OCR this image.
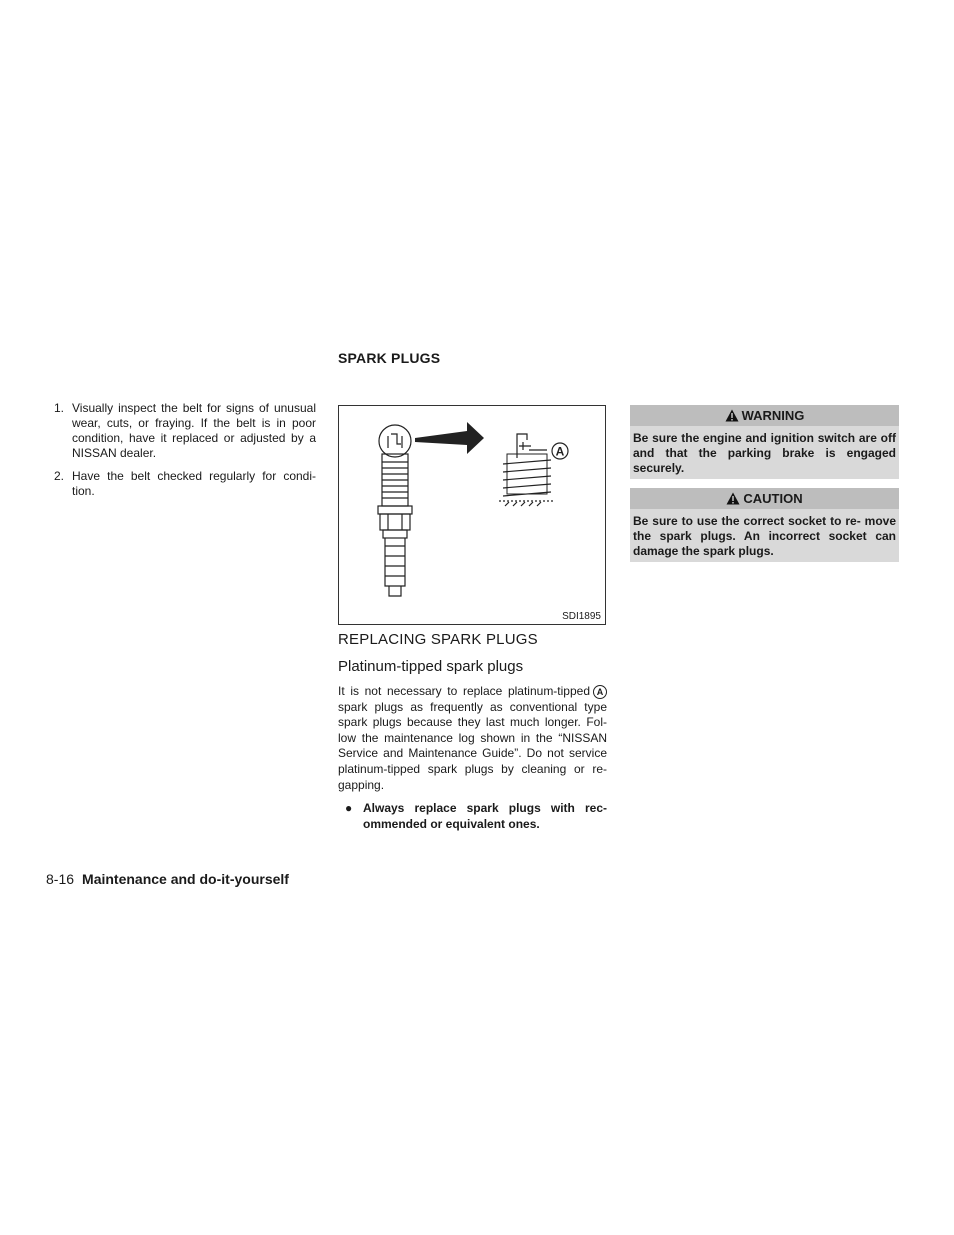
1. Visually inspect the belt for signs of unusual wear, cuts, or fraying. If the belt is in poor condition, have it replaced or adjusted by a NISSAN dealer.
2. Have the belt checked regularly for condi- tion.
SPARK PLUGS
A
SDI1895
REPLACING SPARK PLUGS
Platinum-tipped spark plugs

It is not necessary to replace platinum-tipped A spark plugs as frequently as conventional type spark plugs because they last much longer. Fol- low the maintenance log shown in the “NISSAN Service and Maintenance Guide”. Do not service platinum-tipped spark plugs by cleaning or re- gapping.

● Always replace spark plugs with rec- ommended or equivalent ones.
WARNING
Be sure the engine and ignition switch are off and that the parking brake is engaged securely.
CAUTION
Be sure to use the correct socket to re- move the spark plugs. An incorrect socket can damage the spark plugs.
8-16 Maintenance and do-it-yourself
